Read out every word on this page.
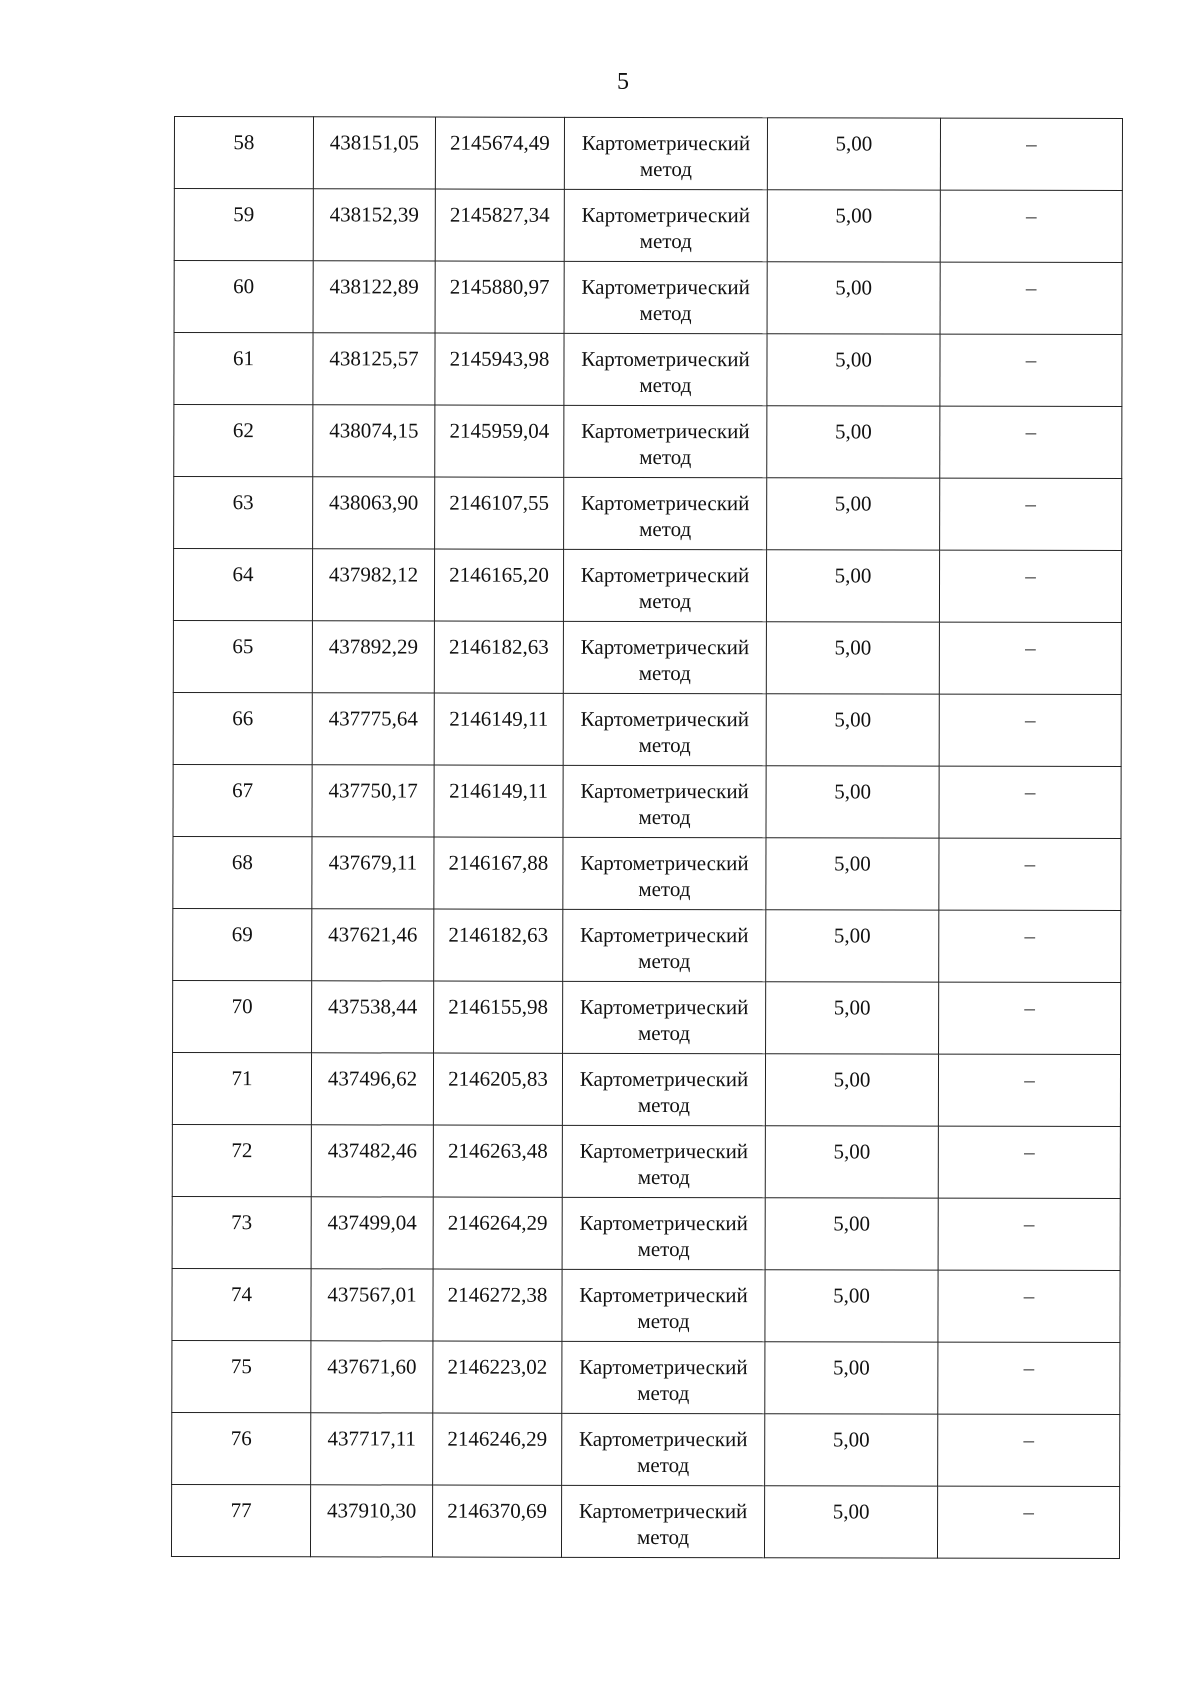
5
58	438151,05	2145674,49	Картометрический метод	5,00	–
59	438152,39	2145827,34	Картометрический метод	5,00	–
60	438122,89	2145880,97	Картометрический метод	5,00	–
61	438125,57	2145943,98	Картометрический метод	5,00	–
62	438074,15	2145959,04	Картометрический метод	5,00	–
63	438063,90	2146107,55	Картометрический метод	5,00	–
64	437982,12	2146165,20	Картометрический метод	5,00	–
65	437892,29	2146182,63	Картометрический метод	5,00	–
66	437775,64	2146149,11	Картометрический метод	5,00	–
67	437750,17	2146149,11	Картометрический метод	5,00	–
68	437679,11	2146167,88	Картометрический метод	5,00	–
69	437621,46	2146182,63	Картометрический метод	5,00	–
70	437538,44	2146155,98	Картометрический метод	5,00	–
71	437496,62	2146205,83	Картометрический метод	5,00	–
72	437482,46	2146263,48	Картометрический метод	5,00	–
73	437499,04	2146264,29	Картометрический метод	5,00	–
74	437567,01	2146272,38	Картометрический метод	5,00	–
75	437671,60	2146223,02	Картометрический метод	5,00	–
76	437717,11	2146246,29	Картометрический метод	5,00	–
77	437910,30	2146370,69	Картометрический метод	5,00	–
